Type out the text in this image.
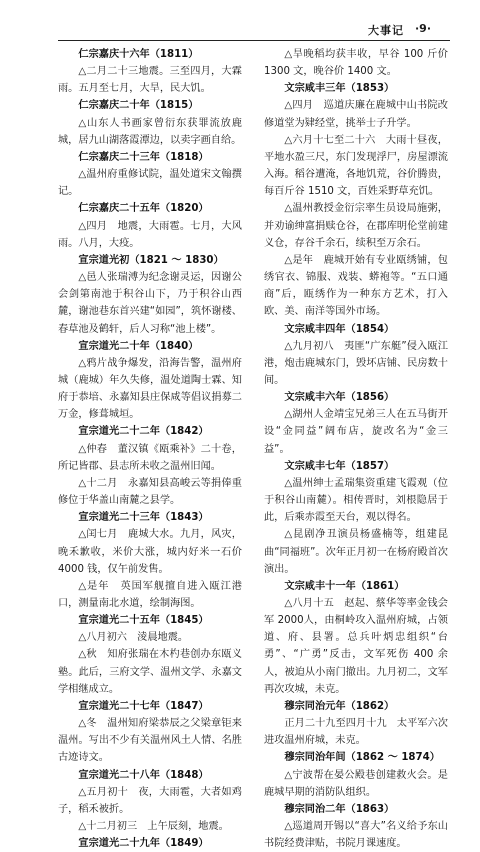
大事记 ·9·
仁宗嘉庆十六年（1811）

△二月二十三地震。三至四月，大霖雨。五月至七月，大旱，民大饥。

仁宗嘉庆二十年（1815）

△山东人书画家曾衍东获罪流放鹿城，居九山湖落霞潭边，以卖字画自给。

仁宗嘉庆二十三年（1818）

△温州府重修试院，温处道宋文翰撰记。

仁宗嘉庆二十五年（1820）

△四月　地震，大雨雹。七月，大风雨。八月，大疫。

宣宗道光初（1821 ～ 1830）

△邑人张瑞溥为纪念谢灵运，因谢公会剑第南池于积谷山下，乃于积谷山西麓，谢池巷东首兴建“如园”，筑怀谢楼、春草池及鹤轩，后人习称“池上楼”。

宣宗道光二十年（1840）

△鸦片战争爆发，沿海告警，温州府城（鹿城）年久失修，温处道陶士霖、知府于恭培、永嘉知县庄保咸等倡议捐募二万金，修葺城垣。

宣宗道光二十二年（1842）

△仲春　董汉镇《瓯乘补》二十卷，所记皆郡、县志所未收之温州旧闻。

△十二月　永嘉知县高峻云等捐俸重修位于华盖山南麓之县学。

宣宗道光二十三年（1843）

△闰七月　鹿城大水。九月，风灾，晚禾歉收，米价大涨，城内好米一石价 4000 钱，仅午前发售。

△是年　英国军舰擅自进入瓯江港口，测量南北水道，绘制海图。

宣宗道光二十五年（1845）

△八月初六　淩晨地震。

△秋　知府张瑞在木杓巷创办东瓯义塾。此后，三府文学、温州文学、永嘉文学相继成立。

宣宗道光二十七年（1847）

△冬　温州知府梁恭辰之父梁章钜来温州。写出不少有关温州风土人情、名胜古迹诗文。

宣宗道光二十八年（1848）

△五月初十　夜，大雨雹，大者如鸡子，稻禾被折。

△十二月初三　上午辰刻，地震。

宣宗道光二十九年（1849）

△旱晚稻均获丰收，早谷 100 斤价 1300 文，晚谷价 1400 文。

文宗咸丰三年（1853）

△四月　巡道庆廉在鹿城中山书院改修道堂为肄经堂，挑举士子升学。

△六月十七至二十六　大雨十昼夜，平地水盈三尺，东门发现浮尸，房屋漂流入海。稻谷遭淹，各地饥荒，谷价腾贵，每百斤谷 1510 文，百姓采野草充饥。

△温州教授金衍宗率生员设局施粥，并劝谕绅富捐赎仓谷，在郡库明伦堂前建义仓，存谷千余石，续积至万余石。

△是年　鹿城开始有专业瓯绣铺，包绣官衣、锦服、戏装、蟒袍等。“五口通商”后，瓯绣作为一种东方艺术，打入欧、美、南洋等国外市场。

文宗咸丰四年（1854）

△九月初八　夷匪“广东艇”侵入瓯江港，炮击鹿城东门，毁坏店铺、民房数十间。

文宗咸丰六年（1856）

△湖州人金靖宝兄弟三人在五马街开设“金同益”阔布店，旋改名为“金三益”。

文宗咸丰七年（1857）

△温州绅士孟瑞集资重建飞霞观（位于积谷山南麓）。相传晋时，刘根隐居于此，后乘赤霞至天台，观以得名。

△昆剧净丑演员杨盛楠等，组建昆曲“同福班”。次年正月初一在杨府殿首次演出。

文宗咸丰十一年（1861）

△八月十五　赵起、蔡华等率金钱会军 2000人，由桐岭攻入温州府城，占领道、府、县署。总兵叶炳忠组织“台勇”、“广勇”反击，文军死伤 400 余人，被迫从小南门撤出。九月初二，文军再次攻城，未克。

穆宗同治元年（1862）

正月二十九至四月十九　太平军六次进攻温州府城，未克。

穆宗同治年间（1862 ～ 1874）

△宁波帮在晏公殿巷创建救火会。是鹿城早期的消防队组织。

穆宗同治二年（1863）

△巡道周开锡以“喜大”名义给予东山书院经费津贴，书院月课速度。
